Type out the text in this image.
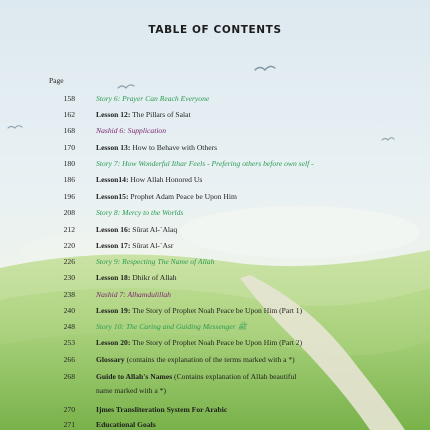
TABLE OF CONTENTS
Page
158	Story 6: Prayer Can Reach Everyone
162	Lesson 12: The Pillars of Salat
168	Nashid 6: Supplication
170	Lesson 13: How to Behave with Others
180	Story 7: How Wonderful Ithar Feels - Prefering others before own self -
186	Lesson14: How Allah Honored Us
196	Lesson15: Prophet Adam Peace be Upon Him
208	Story 8: Mercy to the Worlds
212	Lesson 16: Sûrat Al-`Alaq
220	Lesson 17: Sûrat Al-`Asr
226	Story 9: Respecting The Name of Allah
230	Lesson 18: Dhikr of Allah
238	Nashid 7: Alhamdulillah
240	Lesson 19: The Story of Prophet Noah Peace be Upon Him (Part 1)
248	Story 10: The Caring and Guiding Messenger ﷺ
253	Lesson 20: The Story of Prophet Noah Peace be Upon Him (Part 2)
266	Glossary (contains the explanation of the terms marked with a *)
268	Guide to Allah's Names (Contains explanation of Allah beautiful name marked with a *)
270	Ijmes Transliteration System For Arabic
271	Educational Goals
